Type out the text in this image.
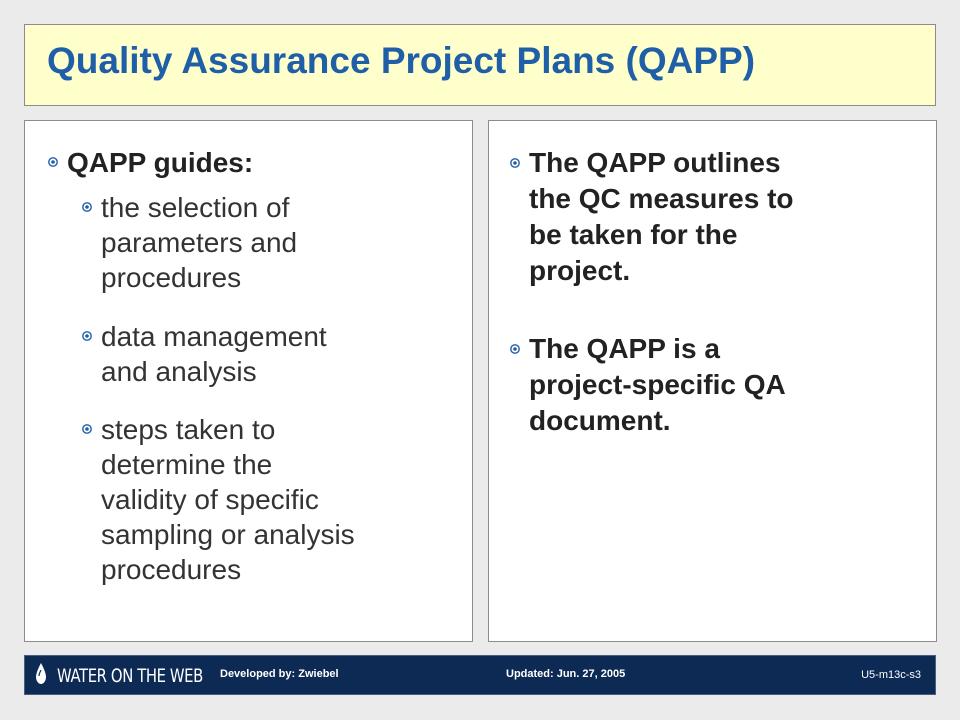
Quality Assurance Project Plans (QAPP)
QAPP guides:
the selection of
parameters and
procedures
data management
and analysis
steps taken to
determine the
validity of specific
sampling or analysis
procedures
The QAPP outlines
the QC measures to
be taken for the
project.
The QAPP is a
project-specific QA
document.
WATER ON THE WEB Developed by: Zwiebel	Updated: Jun. 27, 2005	U5-m13c-s3
